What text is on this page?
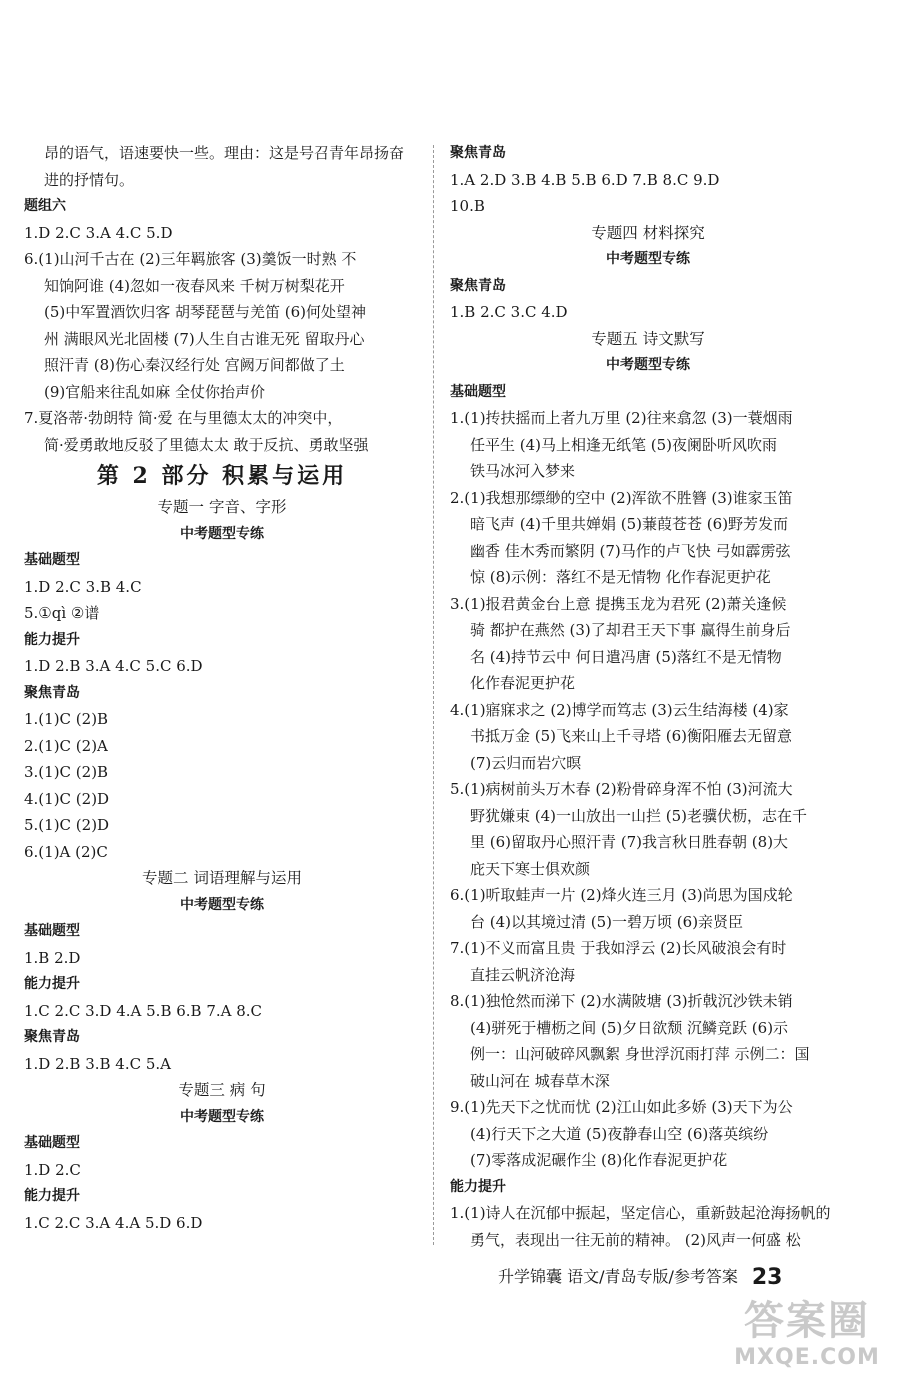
昂的语气，语速要快一些。理由：这是号召青年昂扬奋
进的抒情句。
题组六
1.D 2.C 3.A 4.C 5.D
6.(1)山河千古在 (2)三年羁旅客 (3)羹饭一时熟 不
知饷阿谁 (4)忽如一夜春风来 千树万树梨花开
(5)中军置酒饮归客 胡琴琵琶与羌笛 (6)何处望神
州 满眼风光北固楼 (7)人生自古谁无死 留取丹心
照汗青 (8)伤心秦汉经行处 宫阙万间都做了土
(9)官船来往乱如麻 全仗你抬声价
7.夏洛蒂·勃朗特 简·爱 在与里德太太的冲突中，
简·爱勇敢地反驳了里德太太 敢于反抗、勇敢坚强
第 2 部分 积累与运用
专题一 字音、字形
中考题型专练
基础题型
1.D 2.C 3.B 4.C
5.①qì ②谱
能力提升
1.D 2.B 3.A 4.C 5.C 6.D
聚焦青岛
1.(1)C (2)B
2.(1)C (2)A
3.(1)C (2)B
4.(1)C (2)D
5.(1)C (2)D
6.(1)A (2)C
专题二 词语理解与运用
中考题型专练
基础题型
1.B 2.D
能力提升
1.C 2.C 3.D 4.A 5.B 6.B 7.A 8.C
聚焦青岛
1.D 2.B 3.B 4.C 5.A
专题三 病 句
中考题型专练
基础题型
1.D 2.C
能力提升
1.C 2.C 3.A 4.A 5.D 6.D
聚焦青岛
1.A 2.D 3.B 4.B 5.B 6.D 7.B 8.C 9.D
10.B
专题四 材料探究
中考题型专练
聚焦青岛
1.B 2.C 3.C 4.D
专题五 诗文默写
中考题型专练
基础题型
1.(1)抟扶摇而上者九万里 (2)往来翕忽 (3)一蓑烟雨
任平生 (4)马上相逢无纸笔 (5)夜阑卧听风吹雨
铁马冰河入梦来
2.(1)我想那缥缈的空中 (2)浑欲不胜簪 (3)谁家玉笛
暗飞声 (4)千里共婵娟 (5)蒹葭苍苍 (6)野芳发而
幽香 佳木秀而繁阴 (7)马作的卢飞快 弓如霹雳弦
惊 (8)示例：落红不是无情物 化作春泥更护花
3.(1)报君黄金台上意 提携玉龙为君死 (2)萧关逢候
骑 都护在燕然 (3)了却君王天下事 赢得生前身后
名 (4)持节云中 何日遣冯唐 (5)落红不是无情物
化作春泥更护花
4.(1)寤寐求之 (2)博学而笃志 (3)云生结海楼 (4)家
书抵万金 (5)飞来山上千寻塔 (6)衡阳雁去无留意
(7)云归而岩穴暝
5.(1)病树前头万木春 (2)粉骨碎身浑不怕 (3)河流大
野犹嫌束 (4)一山放出一山拦 (5)老骥伏枥，志在千
里 (6)留取丹心照汗青 (7)我言秋日胜春朝 (8)大
庇天下寒士俱欢颜
6.(1)听取蛙声一片 (2)烽火连三月 (3)尚思为国戍轮
台 (4)以其境过清 (5)一碧万顷 (6)亲贤臣
7.(1)不义而富且贵 于我如浮云 (2)长风破浪会有时
直挂云帆济沧海
8.(1)独怆然而涕下 (2)水满陂塘 (3)折戟沉沙铁未销
(4)骈死于槽枥之间 (5)夕日欲颓 沉鳞竞跃 (6)示
例一：山河破碎风飘絮 身世浮沉雨打萍 示例二：国
破山河在 城春草木深
9.(1)先天下之忧而忧 (2)江山如此多娇 (3)天下为公
(4)行天下之大道 (5)夜静春山空 (6)落英缤纷
(7)零落成泥碾作尘 (8)化作春泥更护花
能力提升
1.(1)诗人在沉郁中振起，坚定信心，重新鼓起沧海扬帆的
勇气，表现出一往无前的精神。 (2)风声一何盛 松
升学锦囊 语文/青岛专版/参考答案 23
答案圈
MXQE.COM
